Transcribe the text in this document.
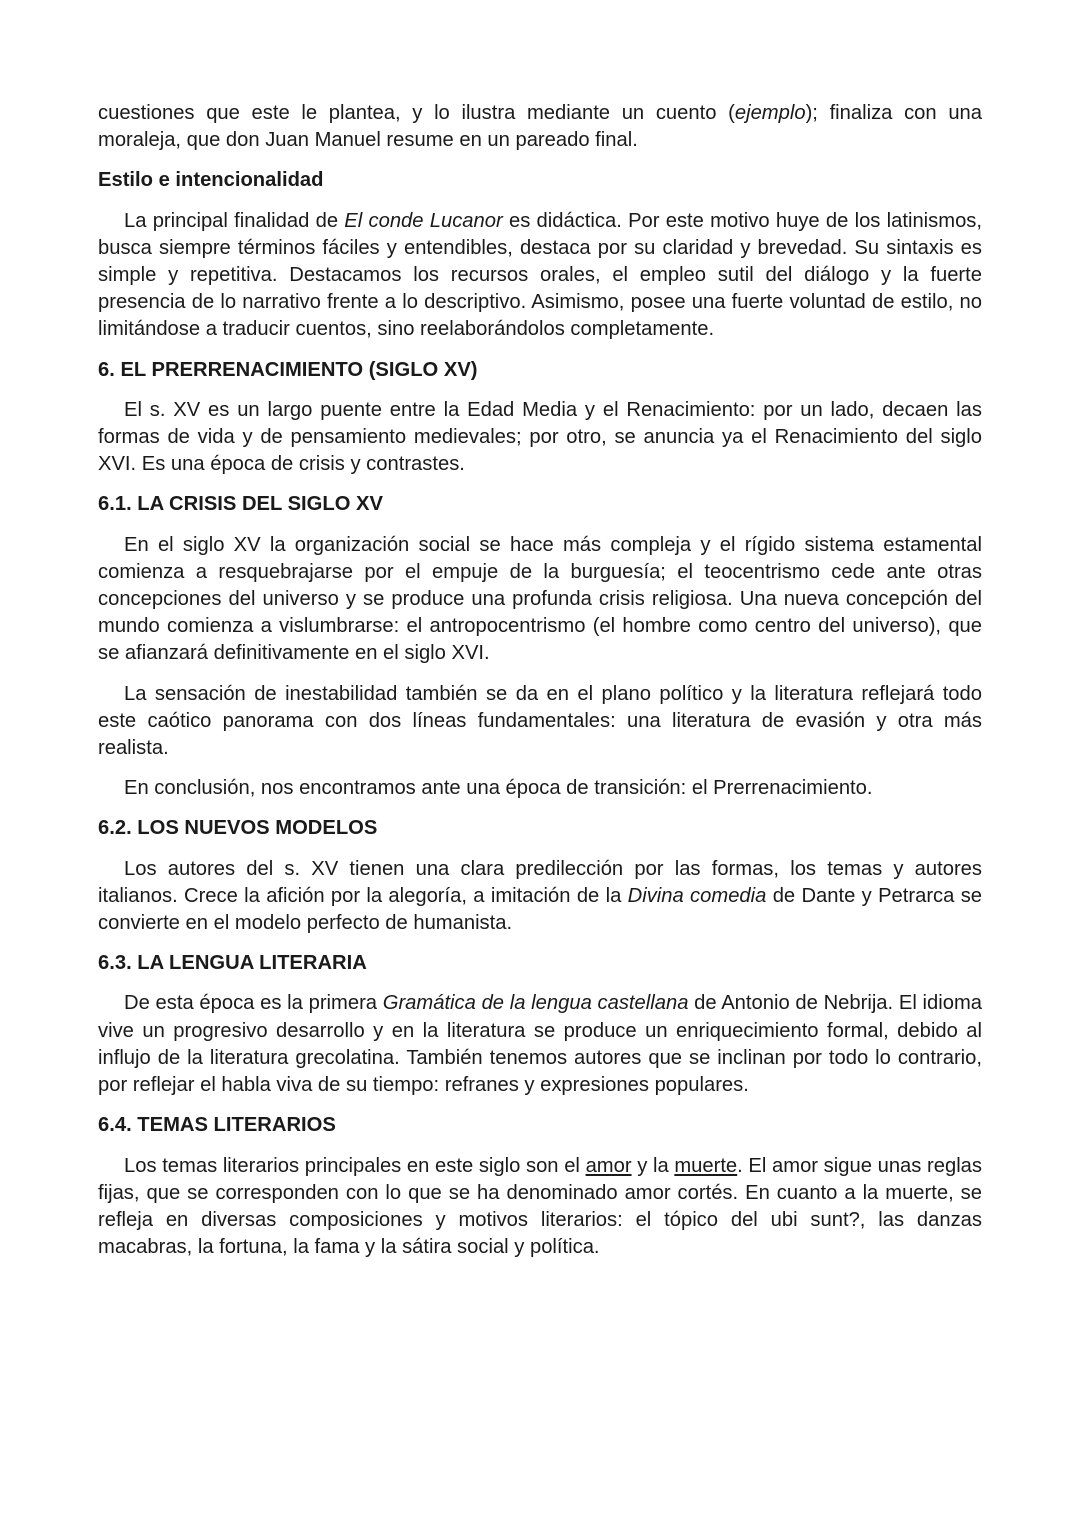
cuestiones que este le plantea, y lo ilustra mediante un cuento (ejemplo); finaliza con una moraleja, que don Juan Manuel resume en un pareado final.

Estilo e intencionalidad

La principal finalidad de El conde Lucanor es didáctica. Por este motivo huye de los latinismos, busca siempre términos fáciles y entendibles, destaca por su claridad y brevedad. Su sintaxis es simple y repetitiva. Destacamos los recursos orales, el empleo sutil del diálogo y la fuerte presencia de lo narrativo frente a lo descriptivo. Asimismo, posee una fuerte voluntad de estilo, no limitándose a traducir cuentos, sino reelaborándolos completamente.

6. EL PRERRENACIMIENTO (SIGLO XV)

El s. XV es un largo puente entre la Edad Media y el Renacimiento: por un lado, decaen las formas de vida y de pensamiento medievales; por otro, se anuncia ya el Renacimiento del siglo XVI. Es una época de crisis y contrastes.

6.1. LA CRISIS DEL SIGLO XV

En el siglo XV la organización social se hace más compleja y el rígido sistema estamental comienza a resquebrajarse por el empuje de la burguesía; el teocentrismo cede ante otras concepciones del universo y se produce una profunda crisis religiosa. Una nueva concepción del mundo comienza a vislumbrarse: el antropocentrismo (el hombre como centro del universo), que se afianzará definitivamente en el siglo XVI.

La sensación de inestabilidad también se da en el plano político y la literatura reflejará todo este caótico panorama con dos líneas fundamentales: una literatura de evasión y otra más realista.

En conclusión, nos encontramos ante una época de transición: el Prerrenacimiento.

6.2. LOS NUEVOS MODELOS

Los autores del s. XV tienen una clara predilección por las formas, los temas y autores italianos. Crece la afición por la alegoría, a imitación de la Divina comedia de Dante y Petrarca se convierte en el modelo perfecto de humanista.

6.3. LA LENGUA LITERARIA

De esta época es la primera Gramática de la lengua castellana de Antonio de Nebrija. El idioma vive un progresivo desarrollo y en la literatura se produce un enriquecimiento formal, debido al influjo de la literatura grecolatina. También tenemos autores que se inclinan por todo lo contrario, por reflejar el habla viva de su tiempo: refranes y expresiones populares.

6.4. TEMAS LITERARIOS

Los temas literarios principales en este siglo son el amor y la muerte. El amor sigue unas reglas fijas, que se corresponden con lo que se ha denominado amor cortés. En cuanto a la muerte, se refleja en diversas composiciones y motivos literarios: el tópico del ubi sunt?, las danzas macabras, la fortuna, la fama y la sátira social y política.
